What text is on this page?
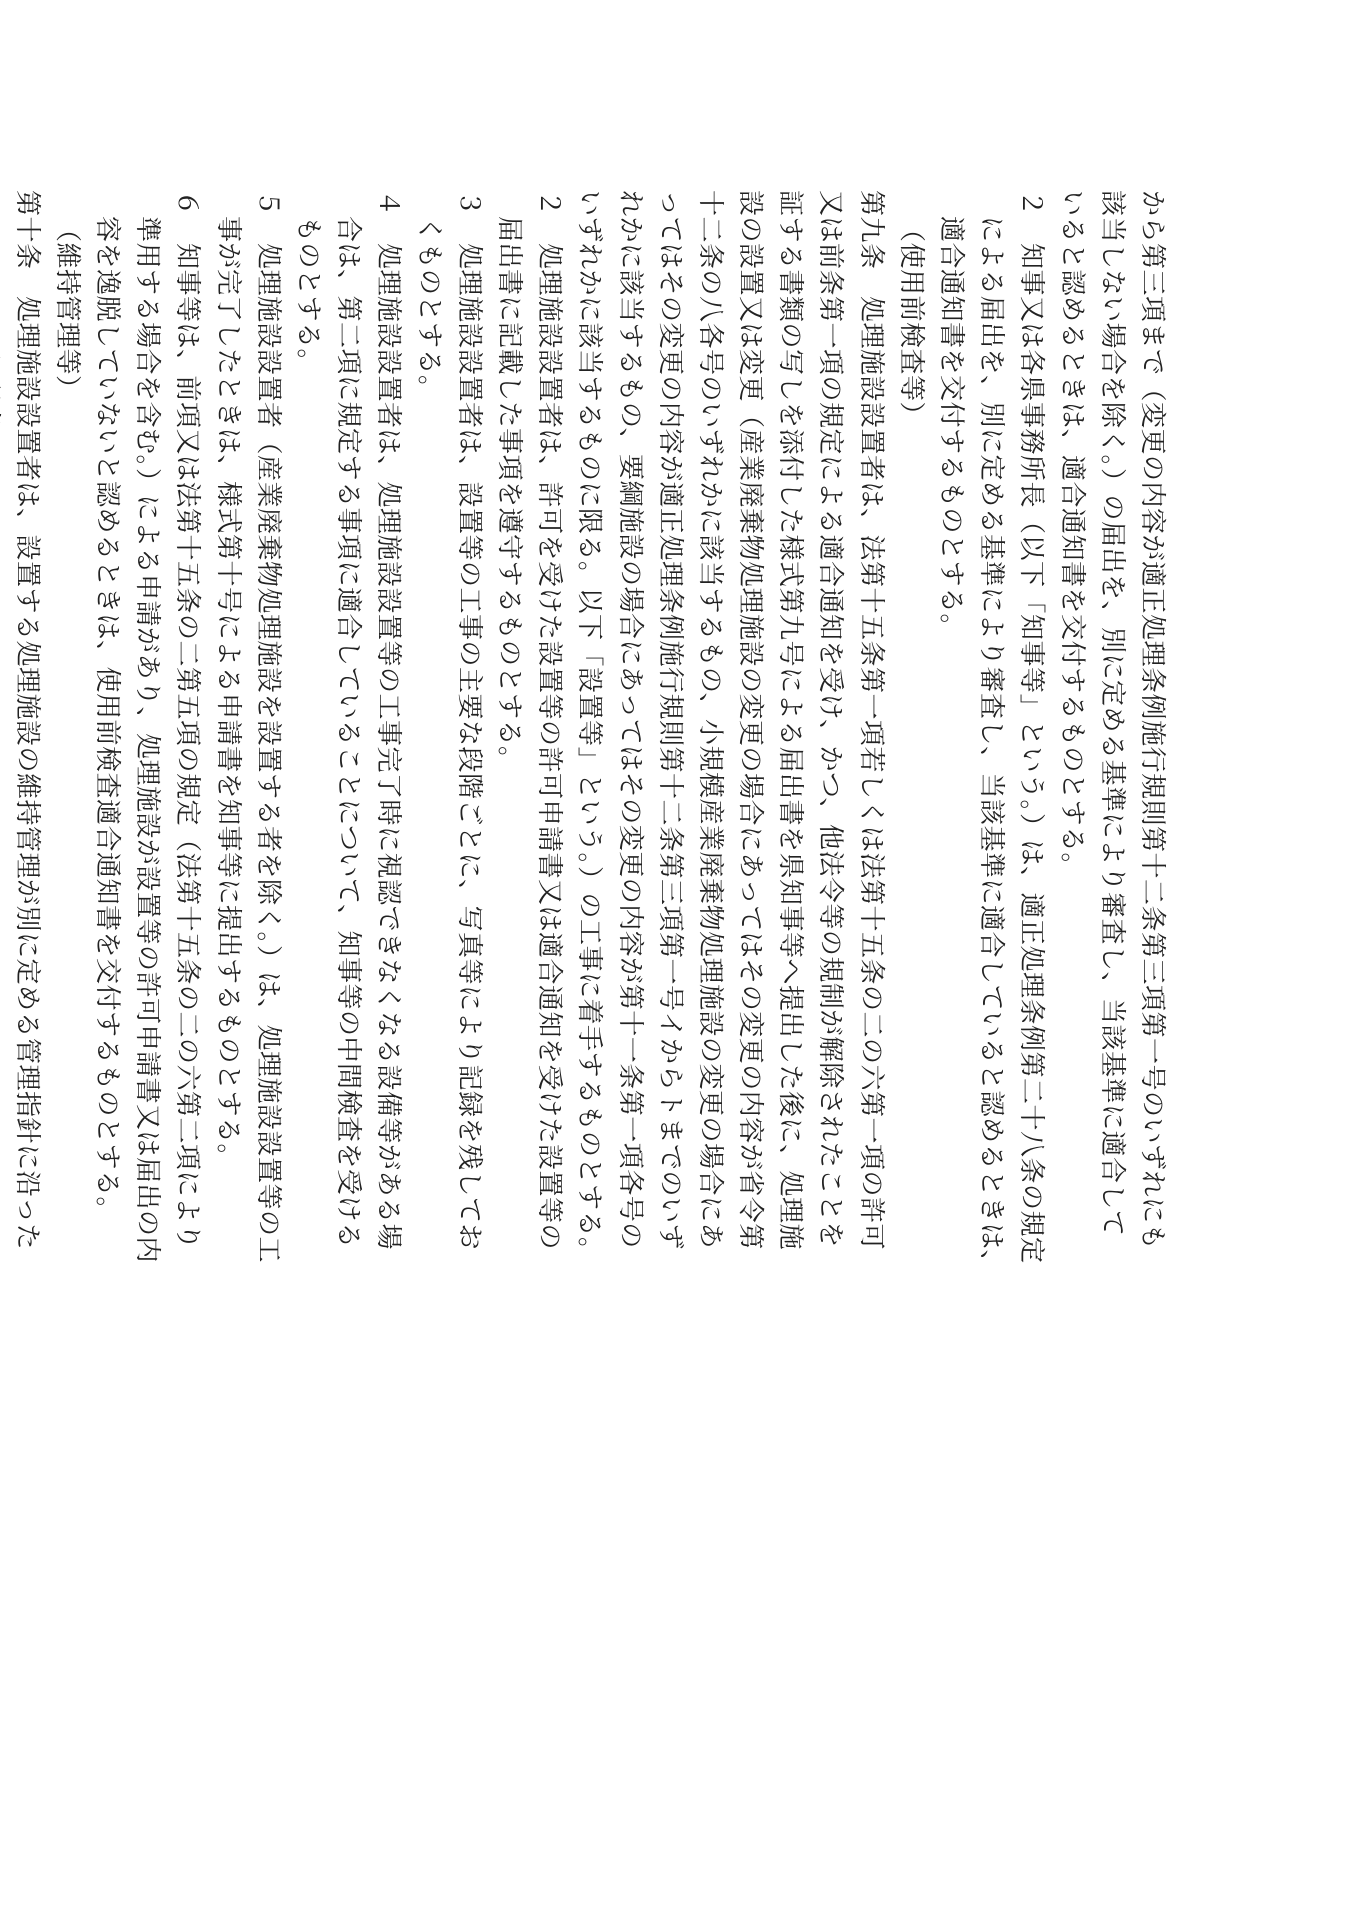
から第三項まで（変更の内容が適正処理条例施行規則第十二条第三項第一号のいずれにも
該当しない場合を除く。）の届出を、別に定める基準により審査し、当該基準に適合して
いると認めるときは、適合通知書を交付するものとする。
２　知事又は各県事務所長（以下「知事等」という。）は、適正処理条例第二十八条の規定
による届出を、別に定める基準により審査し、当該基準に適合していると認めるときは、
適合通知書を交付するものとする。
（使用前検査等）
第九条　処理施設設置者は、法第十五条第一項若しくは法第十五条の二の六第一項の許可
又は前条第一項の規定による適合通知を受け、かつ、他法令等の規制が解除されたことを
証する書類の写しを添付した様式第九号による届出書を県知事等へ提出した後に、処理施
設の設置又は変更（産業廃棄物処理施設の変更の場合にあってはその変更の内容が省令第
十二条の八各号のいずれかに該当するもの、小規模産業廃棄物処理施設の変更の場合にあ
ってはその変更の内容が適正処理条例施行規則第十二条第三項第一号イからトまでのいず
れかに該当するもの、要綱施設の場合にあってはその変更の内容が第十一条第一項各号の
いずれかに該当するものに限る。以下「設置等」という。）の工事に着手するものとする。
２　処理施設設置者は、許可を受けた設置等の許可申請書又は適合通知を受けた設置等の
届出書に記載した事項を遵守するものとする。
３　処理施設設置者は、設置等の工事の主要な段階ごとに、写真等により記録を残してお
くものとする。
４　処理施設設置者は、処理施設設置等の工事完了時に視認できなくなる設備等がある場
合は、第二項に規定する事項に適合していることについて、知事等の中間検査を受ける
ものとする。
５　処理施設設置者（産業廃棄物処理施設を設置する者を除く。）は、処理施設設置等の工
事が完了したときは、様式第十号による申請書を知事等に提出するものとする。
６　知事等は、前項又は法第十五条の二第五項の規定（法第十五条の二の六第二項により
準用する場合を含む。）による申請があり、処理施設が設置等の許可申請書又は届出の内
容を逸脱していないと認めるときは、使用前検査適合通知書を交付するものとする。
（維持管理等）
第十条　処理施設設置者は、設置する処理施設の維持管理が別に定める管理指針に沿った
